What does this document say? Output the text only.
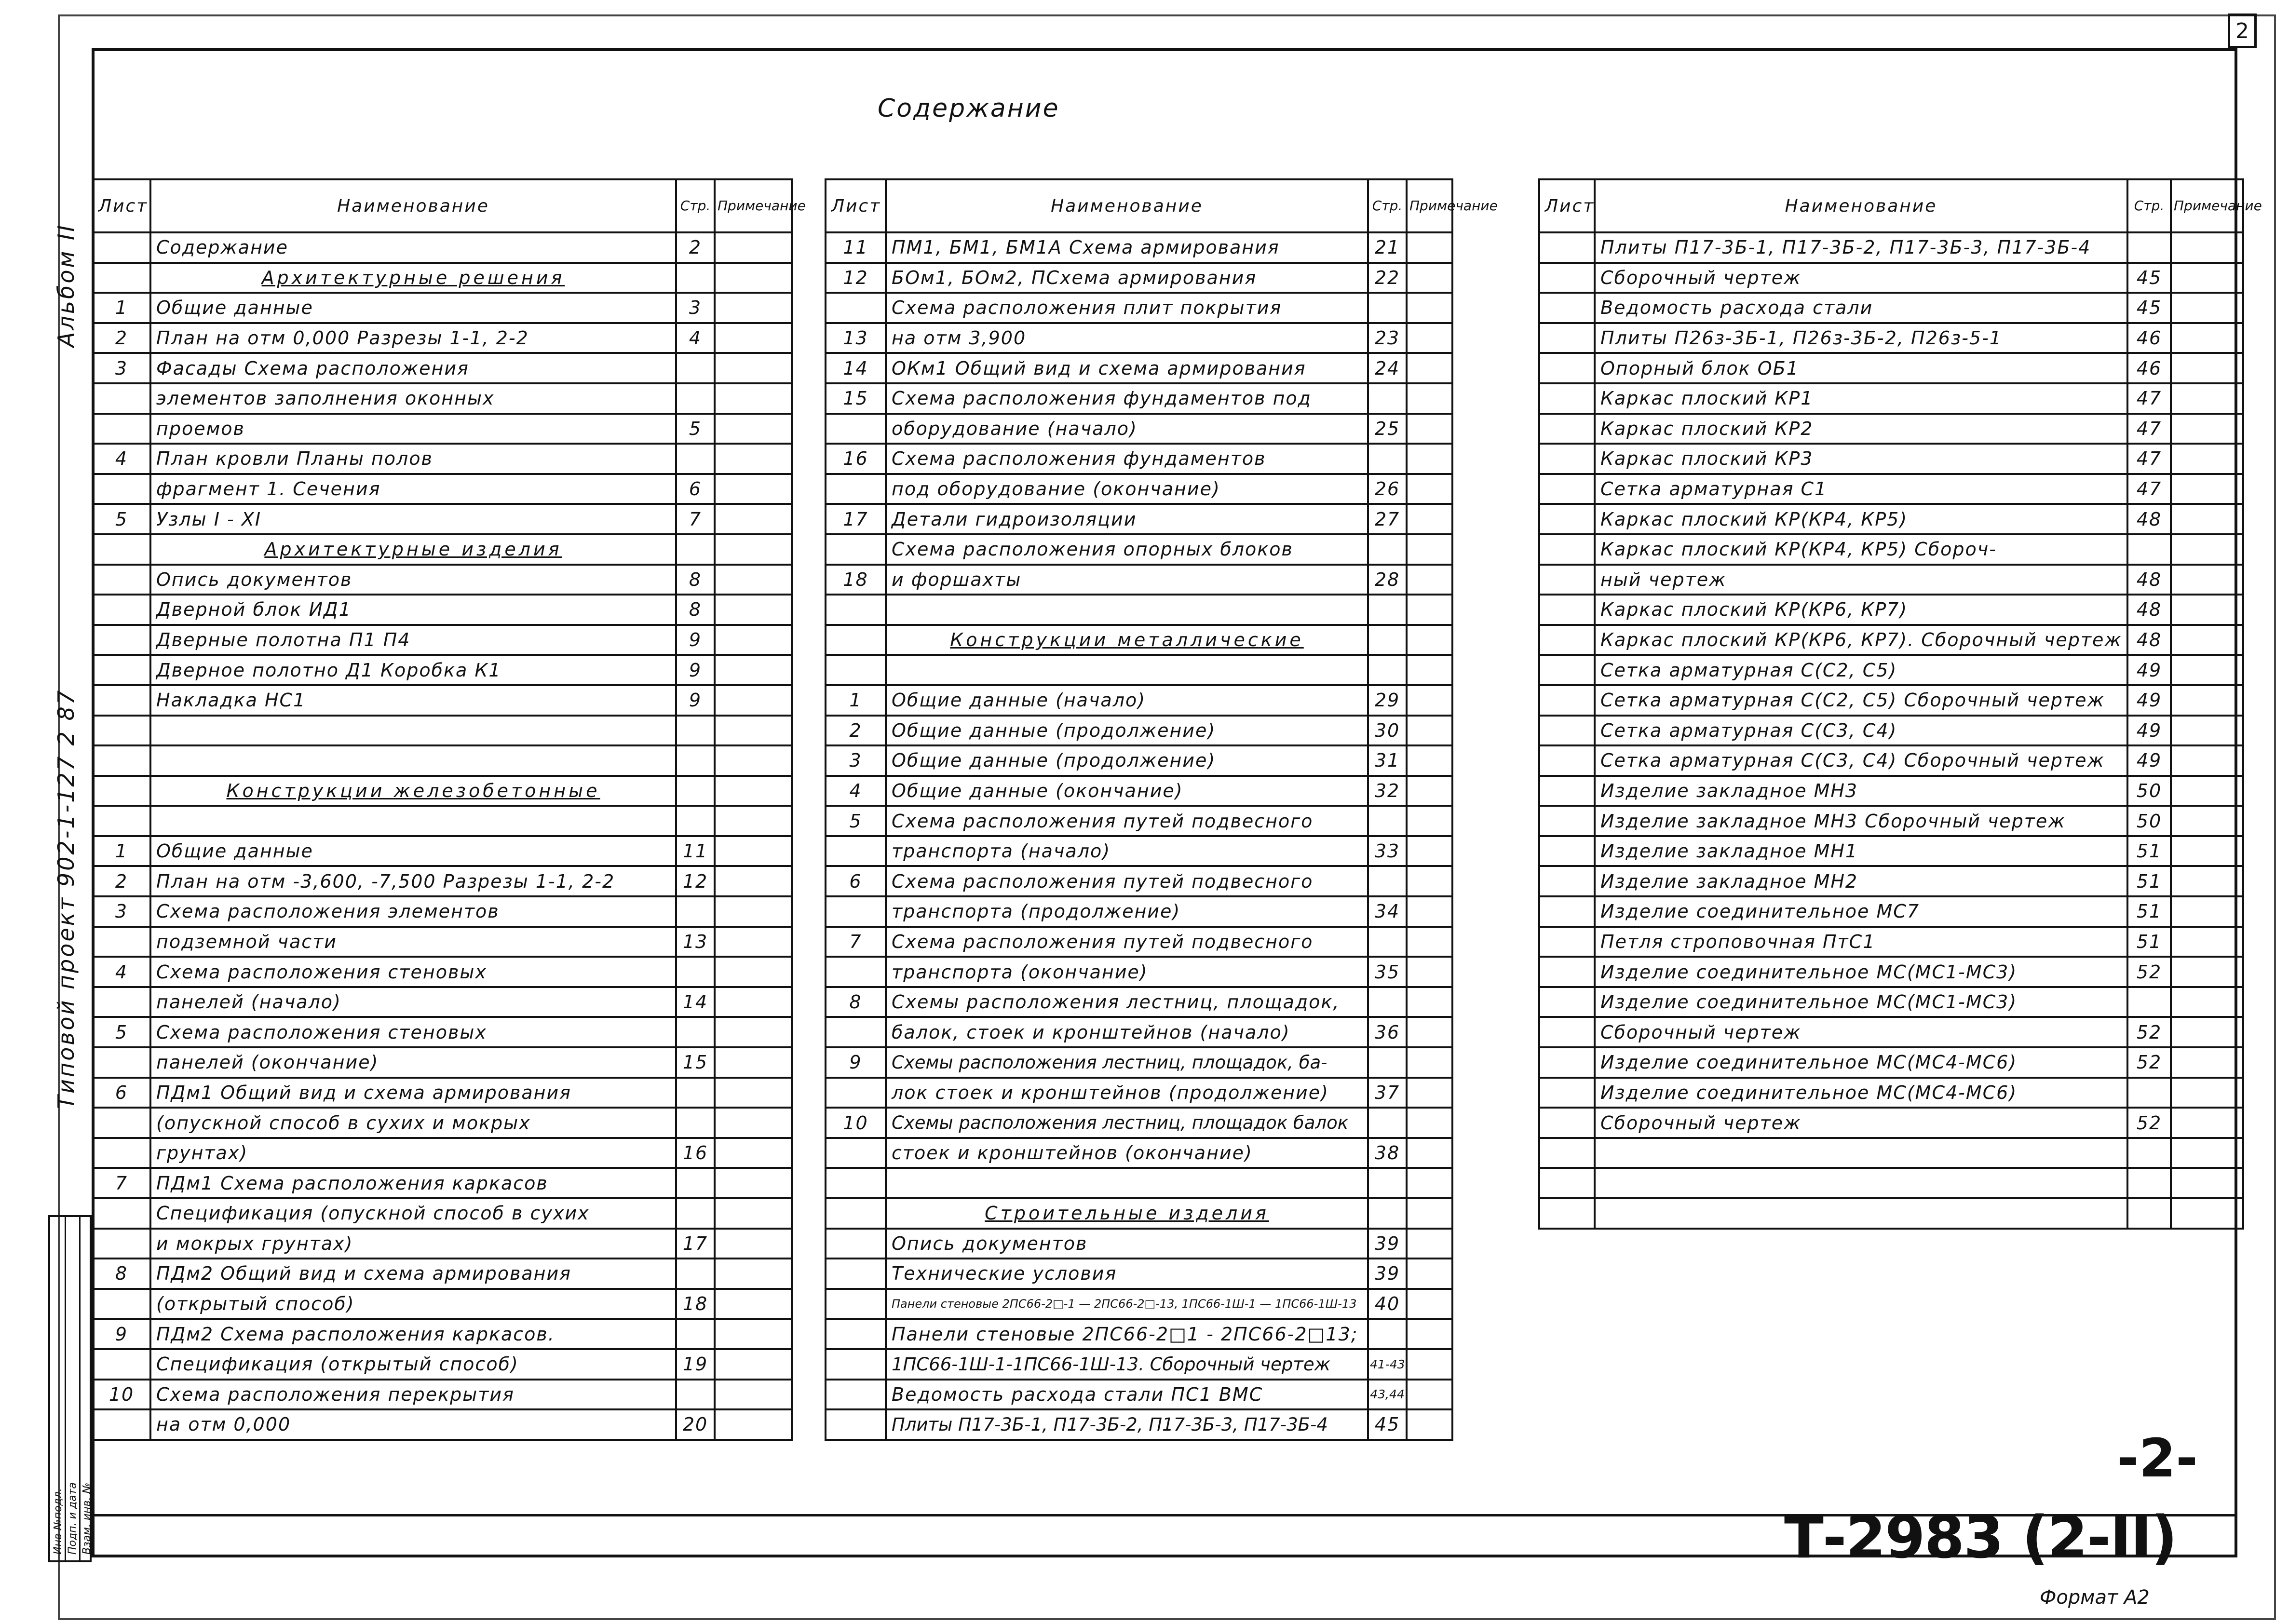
2
Содержание
Альбом II
Типовой проект 902-1-127 2 87
Инв №подл. Подп. и дата Взам. инв. №
Лист	Наименование	Стр.	Примечание
	Содержание	2	
	Архитектурные решения		
1	Общие данные	3	
2	План на отм 0,000 Разрезы 1-1, 2-2	4	
3	Фасады Схема расположения		
	элементов заполнения оконных		
	проемов	5	
4	План кровли Планы полов		
	фрагмент 1. Сечения	6	
5	Узлы I - XI	7	
	Архитектурные изделия		
	Опись документов	8	
	Дверной блок ИД1	8	
	Дверные полотна П1 П4	9	
	Дверное полотно Д1 Коробка К1	9	
	Накладка НС1	9	

	Конструкции железобетонные		

1	Общие данные	11	
2	План на отм -3,600, -7,500 Разрезы 1-1, 2-2	12	
3	Схема расположения элементов		
	подземной части	13	
4	Схема расположения стеновых		
	панелей (начало)	14	
5	Схема расположения стеновых		
	панелей (окончание)	15	
6	ПДм1 Общий вид и схема армирования		
	(опускной способ в сухих и мокрых		
	грунтах)	16	
7	ПДм1 Схема расположения каркасов		
	Спецификация (опускной способ в сухих		
	и мокрых грунтах)	17	
8	ПДм2 Общий вид и схема армирования		
	(открытый способ)	18	
9	ПДм2 Схема расположения каркасов.		
	Спецификация (открытый способ)	19	
10	Схема расположения перекрытия		
	на отм 0,000	20	
Лист	Наименование	Стр.	Примечание
11	ПМ1, БМ1, БМ1А Схема армирования	21	
12	БОм1, БОм2, ПСхема армирования	22	
	Схема расположения плит покрытия		
13	на отм 3,900	23	
14	ОКм1 Общий вид и схема армирования	24	
15	Схема расположения фундаментов под		
	оборудование (начало)	25	
16	Схема расположения фундаментов		
	под оборудование (окончание)	26	
17	Детали гидроизоляции	27	
	Схема расположения опорных блоков		
18	и форшахты	28	

	Конструкции металлические		

1	Общие данные (начало)	29	
2	Общие данные (продолжение)	30	
3	Общие данные (продолжение)	31	
4	Общие данные (окончание)	32	
5	Схема расположения путей подвесного		
	транспорта (начало)	33	
6	Схема расположения путей подвесного		
	транспорта (продолжение)	34	
7	Схема расположения путей подвесного		
	транспорта (окончание)	35	
8	Схемы расположения лестниц, площадок,		
	балок, стоек и кронштейнов (начало)	36	
9	Схемы расположения лестниц, площадок, ба-		
	лок стоек и кронштейнов (продолжение)	37	
10	Схемы расположения лестниц, площадок балок		
	стоек и кронштейнов (окончание)	38	

	Строительные изделия		
	Опись документов	39	
	Технические условия	39	
	Панели стеновые 2ПС66-2□-1 — 2ПС66-2□-13, 1ПС66-1Ш-1 — 1ПС66-1Ш-13	40	
	Панели стеновые 2ПС66-2□1 - 2ПС66-2□13;		
	1ПС66-1Ш-1-1ПС66-1Ш-13. Сборочный чертеж	41-43	
	Ведомость расхода стали ПС1 ВМС	43,44	
	Плиты П17-3Б-1, П17-3Б-2, П17-3Б-3, П17-3Б-4	45	
Лист	Наименование	Стр.	Примечание
	Плиты П17-3Б-1, П17-3Б-2, П17-3Б-3, П17-3Б-4		
	Сборочный чертеж	45	
	Ведомость расхода стали	45	
	Плиты П26з-3Б-1, П26з-3Б-2, П26з-5-1	46	
	Опорный блок ОБ1	46	
	Каркас плоский КР1	47	
	Каркас плоский КР2	47	
	Каркас плоский КР3	47	
	Сетка арматурная С1	47	
	Каркас плоский КР(КР4, КР5)	48	
	Каркас плоский КР(КР4, КР5) Сбороч-		
	ный чертеж	48	
	Каркас плоский КР(КР6, КР7)	48	
	Каркас плоский КР(КР6, КР7). Сборочный чертеж	48	
	Сетка арматурная С(С2, С5)	49	
	Сетка арматурная С(С2, С5) Сборочный чертеж	49	
	Сетка арматурная С(С3, С4)	49	
	Сетка арматурная С(С3, С4) Сборочный чертеж	49	
	Изделие закладное МН3	50	
	Изделие закладное МН3 Сборочный чертеж	50	
	Изделие закладное МН1	51	
	Изделие закладное МН2	51	
	Изделие соединительное МС7	51	
	Петля строповочная ПтС1	51	
	Изделие соединительное МС(МС1-МС3)	52	
	Изделие соединительное МС(МС1-МС3)		
	Сборочный чертеж	52	
	Изделие соединительное МС(МС4-МС6)	52	
	Изделие соединительное МС(МС4-МС6)		
	Сборочный чертеж	52	

-2-
Т-2983 (2-II)
Формат А2
